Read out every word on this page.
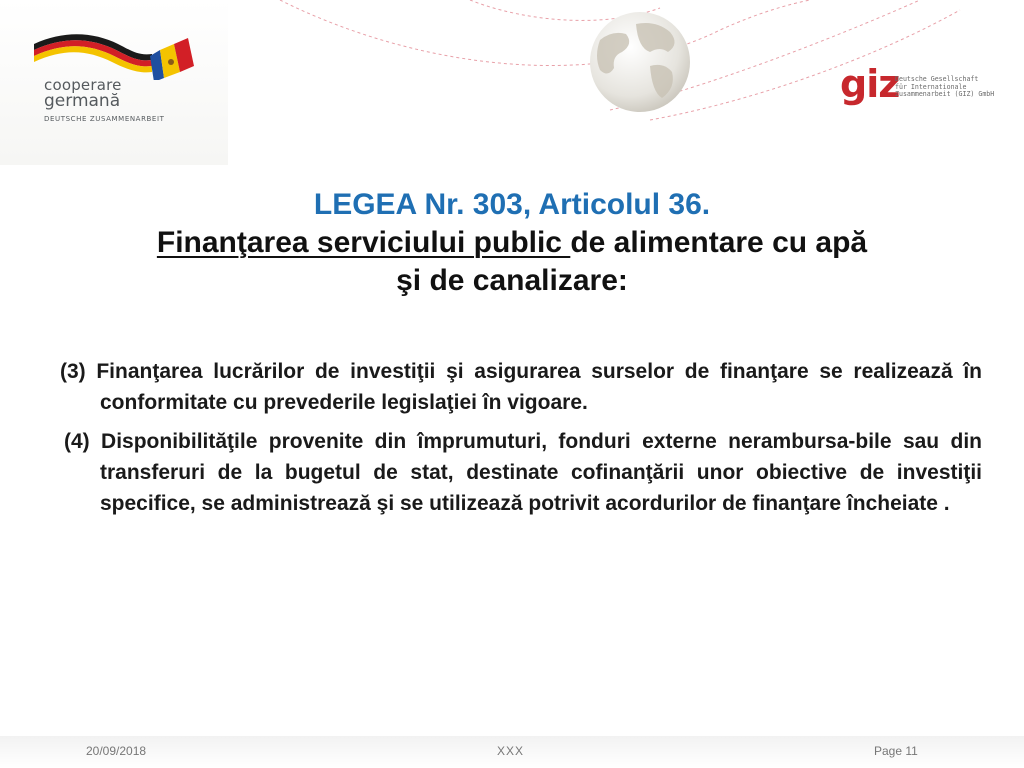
cooperare
germană
DEUTSCHE ZUSAMMENARBEIT
giz
Deutsche Gesellschaft
für Internationale
Zusammenarbeit (GIZ) GmbH
LEGEA Nr. 303, Articolul 36.
Finanţarea serviciului public de alimentare cu apă
şi de canalizare:

(3) Finanţarea lucrărilor de investiţii şi asigurarea surselor de finanţare se realizează în conformitate cu prevederile legislaţiei în vigoare.

(4) Disponibilităţile provenite din împrumuturi, fonduri externe nerambursa-bile sau din transferuri de la bugetul de stat, destinate cofinanţării unor obiective de investiţii specifice, se administrează şi se utilizează potrivit acordurilor de finanţare încheiate .

20/09/2018	XXX	Page 11
